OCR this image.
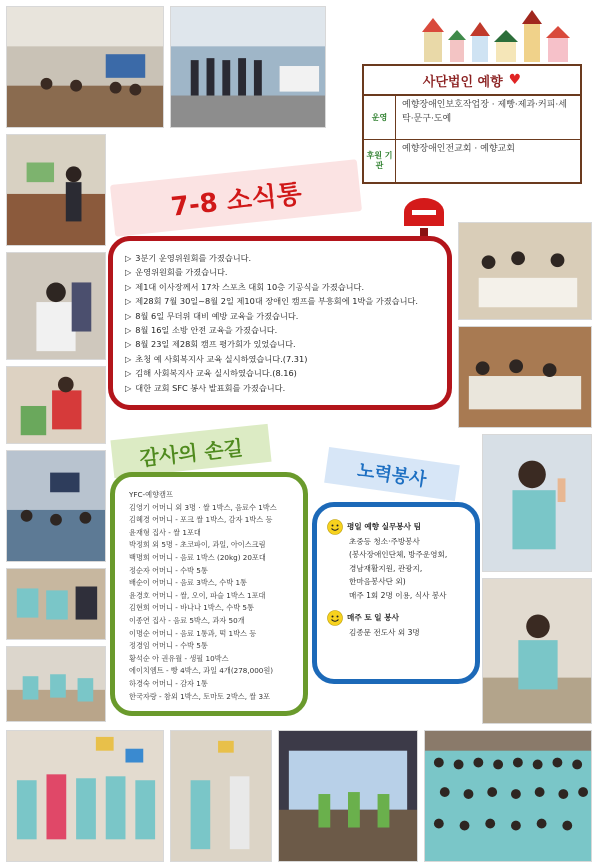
사단법인 예향 ♥
운영
예향장애인보호작업장 · 제빵·제과·커피·세탁·문구·도예
후원 기관
예향장애인전교회 · 예향교회
7-8 소식통
▷ 3분기 운영위원회를 가졌습니다.
▷ 운영위원회를 가졌습니다.
▷ 제1대 이사장께서 17차 스포츠 대회 10층 기공식을 가졌습니다.
▷ 제28회 7월 30일~8월 2일 제10대 장애인 캠프를 부흥회에 1박을 가졌습니다.
▷ 8월 6일 무더위 대비 예방 교육을 가졌습니다.
▷ 8월 16일 소방 안전 교육을 가졌습니다.
▷ 8월 23일 제28회 캠프 평가회가 있었습니다.
▷ 초청 예 사회복지사 교육 실시하였습니다.(7.31)
▷ 김해 사회복지사 교육 실시하였습니다.(8.16)
▷ 대한 교회 SFC 봉사 발표회를 가졌습니다.
감사의 손길
YFC-예향캠프
김영기 어머니 외 3명 · 쌀 1박스, 음료수 1박스
김혜경 어머니 - 포크 쌀 1박스, 감자 1박스 등
윤재형 집사 - 쌀 1포대
박정희 외 5명 - 초코파이, 과일, 아이스크림
백명희 어머니 - 음료 1박스 (20kg) 20포대
정순자 어머니 - 수박 5통
배순이 어머니 - 음료 3박스, 수박 1통
윤경호 어머니 - 쌀, 오이, 파슬 1박스 1포대
김현희 어머니 - 바나나 1박스, 수박 5통
이종연 집사 - 음료 5박스, 과자 50개
이명순 어머니 - 음료 1통과, 떡 1박스 등
정경임 어머니 - 수박 5통
황석순 아 권유월 - 생필 10박스
에이치엠트 - 빵 4박스, 과일 4개(278,000원)
하경숙 어머니 - 감자 1통
한국자랑 - 참외 1박스, 토마토 2박스, 쌀 3포
노력봉사
평일 예향 실무봉사 팀
초중등 청소·주방봉사
(봉사장애인단체, 방주운영회,
경남재활지원, 관광지,
한마음봉사단 외)
매주 1회 2명 이용, 식사 봉사
매주 토 일 봉사
김종문 전도사 외 3명
